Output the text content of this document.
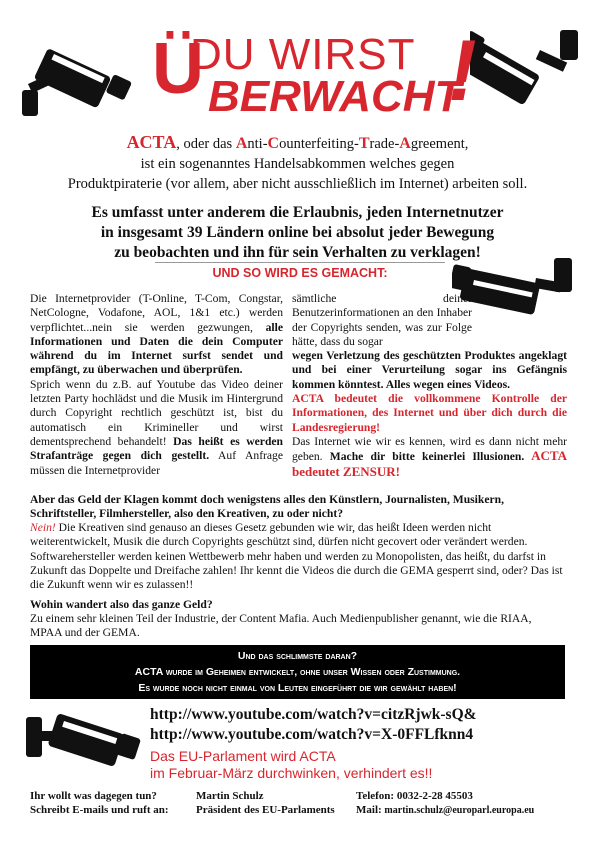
Ü
DU WIRST
BERWACHT
!
ACTA, oder das Anti-Counterfeiting-Trade-Agreement,
ist ein sogenanntes Handelsabkommen welches gegen
Produktpiraterie (vor allem, aber nicht ausschließlich im Internet) arbeiten soll.
Es umfasst unter anderem die Erlaubnis, jeden Internetnutzer
in insgesamt 39 Ländern online bei absolut jeder Bewegung
zu beobachten und ihn für sein Verhalten zu verklagen!
UND SO WIRD ES GEMACHT:
Die Internetprovider (T-Online, T-Com, Congstar, NetCologne, Vodafone, AOL, 1&1 etc.) werden verpflichtet...nein sie werden gezwungen, alle Informationen und Daten die dein Computer während du im Internet surfst sendet und empfängt, zu überwachen und überprüfen.
Sprich wenn du z.B. auf Youtube das Video deiner letzten Party hochlädst und die Musik im Hintergrund durch Copyright rechtlich geschützt ist, bist du automatisch ein Krimineller und wirst dementsprechend behandelt! Das heißt es werden Strafanträge gegen dich gestellt. Auf Anfrage müssen die Internetprovider
sämtliche deiner Benutzerinformationen an den Inhaber der Copyrights senden, was zur Folge hätte, dass du sogar
wegen Verletzung des geschützten Produktes angeklagt und bei einer Verurteilung sogar ins Gefängnis kommen könntest. Alles wegen eines Videos.
ACTA bedeutet die vollkommene Kontrolle der Informationen, des Internet und über dich durch die Landesregierung!
Das Internet wie wir es kennen, wird es dann nicht mehr geben. Mache dir bitte keinerlei Illusionen. ACTA bedeutet ZENSUR!
Aber das Geld der Klagen kommt doch wenigstens alles den Künstlern, Journalisten, Musikern, Schriftsteller, Filmhersteller, also den Kreativen, zu oder nicht?
Nein! Die Kreativen sind genauso an dieses Gesetz gebunden wie wir, das heißt Ideen werden nicht weiterentwickelt, Musik die durch Copyrights geschützt sind, dürfen nicht gecovert oder verändert werden. Softwarehersteller werden keinen Wettbewerb mehr haben und werden zu Monopolisten, das heißt, du darfst in Zukunft das Doppelte und Dreifache zahlen! Ihr kennt die Videos die durch die GEMA gesperrt sind, oder? Das ist die Zukunft wenn wir es zulassen!!
Wohin wandert also das ganze Geld?
Zu einem sehr kleinen Teil der Industrie, der Content Mafia. Auch Medienpublisher genannt, wie die RIAA, MPAA und der GEMA.
Und das schlimmste daran?
ACTA wurde im Geheimen entwickelt, ohne unser Wissen oder Zustimmung.
Es wurde noch nicht einmal von Leuten eingeführt die wir gewählt haben!
http://www.youtube.com/watch?v=citzRjwk-sQ&
http://www.youtube.com/watch?v=X-0FFLfknn4
Das EU-Parlament wird ACTA
im Februar-März durchwinken, verhindert es!!
Ihr wollt was dagegen tun?
Schreibt E-mails und ruft an:
Martin Schulz
Präsident des EU-Parlaments
Telefon: 0032-2-28 45503
Mail: martin.schulz@europarl.europa.eu
